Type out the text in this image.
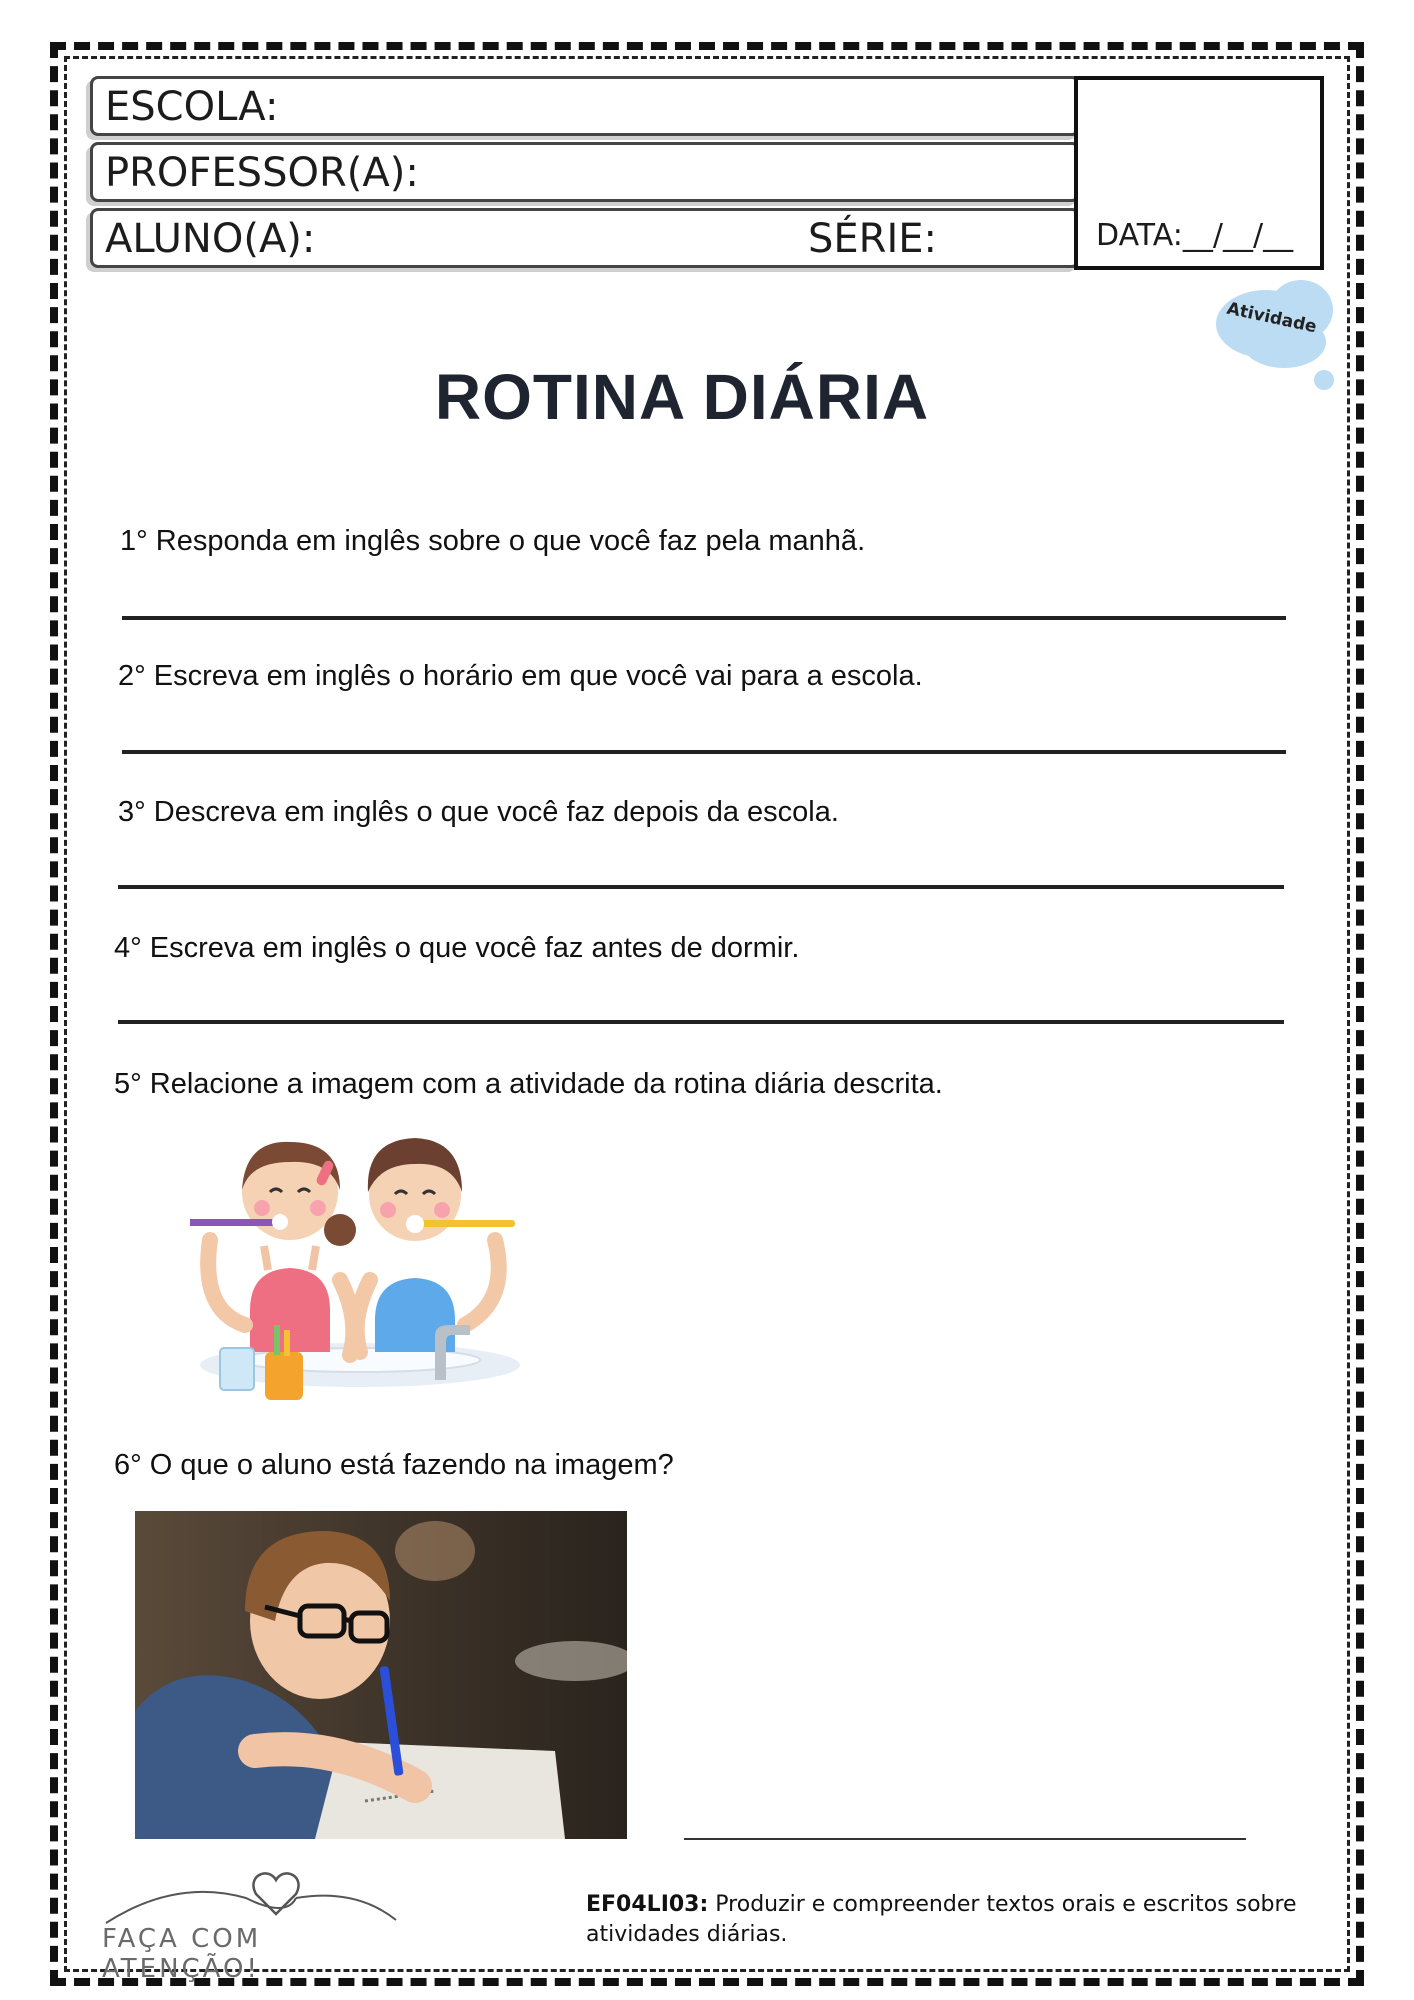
ESCOLA:
PROFESSOR(A):
ALUNO(A):	SÉRIE:	DATA:__/__/__
Atividade
ROTINA DIÁRIA
1° Responda em inglês sobre o que você faz pela manhã.
2° Escreva em inglês o horário em que você vai para a escola.
3° Descreva em inglês o que você faz depois da escola.
4° Escreva em inglês o que você faz antes de dormir.
5° Relacione a imagem com a atividade da rotina diária descrita.
6° O que o aluno está fazendo na imagem?
FAÇA COM ATENÇÃO!
EF04LI03: Produzir e compreender textos orais e escritos sobre atividades diárias.
